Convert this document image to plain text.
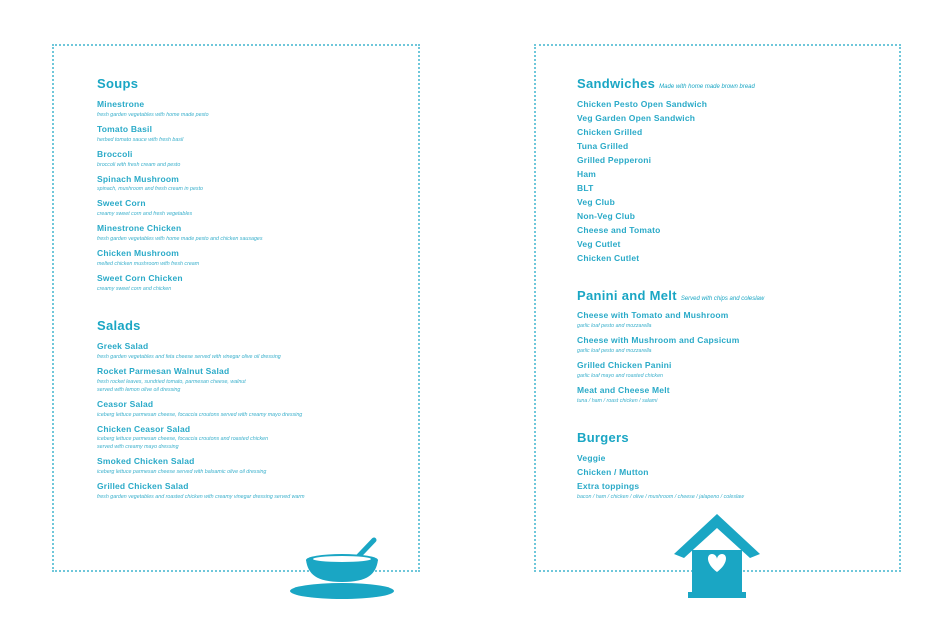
Soups
Minestrone
fresh garden vegetables with home made pesto
Tomato Basil
herbed tomato sauce with fresh basil
Broccoli
broccoli with fresh cream and pesto
Spinach Mushroom
spinach, mushroom and fresh cream in pesto
Sweet Corn
creamy sweet corn and fresh vegetables
Minestrone Chicken
fresh garden vegetables with home made pesto and chicken sausages
Chicken Mushroom
melted chicken mushroom with fresh cream
Sweet Corn Chicken
creamy sweet corn and chicken
Salads
Greek Salad
fresh garden vegetables and feta cheese served with vinegar olive oil dressing
Rocket Parmesan Walnut Salad
fresh rocket leaves, sundried tomato, parmesan cheese, walnut
served with lemon olive oil dressing
Ceasor Salad
iceberg lettuce parmesan cheese, focaccia croutons served with creamy mayo dressing
Chicken Ceasor Salad
iceberg lettuce parmesan cheese, focaccia croutons and roasted chicken
served with creamy mayo dressing
Smoked Chicken Salad
iceberg lettuce parmesan cheese served with balsamic olive oil dressing
Grilled Chicken Salad
fresh garden vegetables and roasted chicken with creamy vinegar dressing served warm
Sandwiches Made with home made brown bread
Chicken Pesto Open Sandwich
Veg Garden Open Sandwich
Chicken Grilled
Tuna Grilled
Grilled Pepperoni
Ham
BLT
Veg Club
Non-Veg Club
Cheese and Tomato
Veg Cutlet
Chicken Cutlet
Panini and Melt Served with chips and coleslaw
Cheese with Tomato and Mushroom
garlic loaf pesto and mozzarella
Cheese with Mushroom and Capsicum
garlic loaf pesto and mozzarella
Grilled Chicken Panini
garlic loaf mayo and roasted chicken
Meat and Cheese Melt
tuna / ham / roast chicken / salami
Burgers
Veggie
Chicken / Mutton
Extra toppings
bacon / ham / chicken / olive / mushroom / cheese / jalapeno / coleslaw
